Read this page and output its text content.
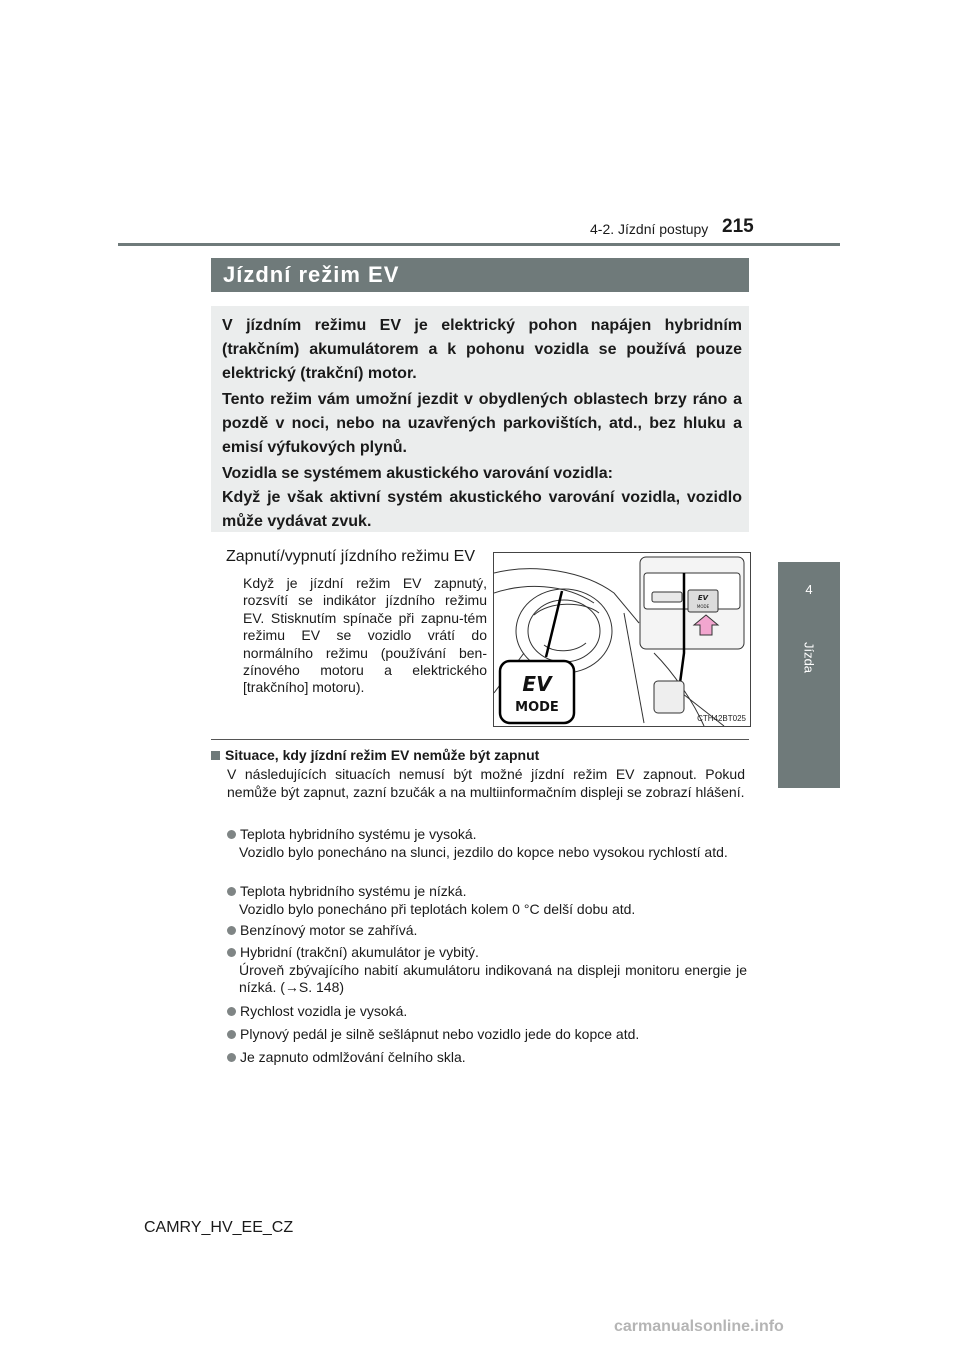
4-2. Jízdní postupy 215
4
Jízda
Jízdní režim EV
V jízdním režimu EV je elektrický pohon napájen hybridním (trakčním) akumulátorem a k pohonu vozidla se používá pouze elektrický (trakční) motor.
Tento režim vám umožní jezdit v obydlených oblastech brzy ráno a pozdě v noci, nebo na uzavřených parkovištích, atd., bez hluku a emisí výfukových plynů.
Vozidla se systémem akustického varování vozidla:
Když je však aktivní systém akustického varování vozidla, vozidlo může vydávat zvuk.
Zapnutí/vypnutí jízdního režimu EV
Když je jízdní režim EV zapnutý, rozsvítí se indikátor jízdního režimu EV. Stisknutím spínače při zapnu-tém režimu EV se vozidlo vrátí do normálního režimu (používání ben-zínového motoru a elektrického [trakčního] motoru).
EV
MODE
EV
MODE
CTH42BT025
Situace, kdy jízdní režim EV nemůže být zapnut
V následujících situacích nemusí být možné jízdní režim EV zapnout. Pokud nemůže být zapnut, zazní bzučák a na multiinformačním displeji se zobrazí hlášení.
Teplota hybridního systému je vysoká.
Vozidlo bylo ponecháno na slunci, jezdilo do kopce nebo vysokou rychlostí atd.
Teplota hybridního systému je nízká.
Vozidlo bylo ponecháno při teplotách kolem 0 °C delší dobu atd.
Benzínový motor se zahřívá.
Hybridní (trakční) akumulátor je vybitý.
Úroveň zbývajícího nabití akumulátoru indikovaná na displeji monitoru energie je nízká. (→S. 148)
Rychlost vozidla je vysoká.
Plynový pedál je silně sešlápnut nebo vozidlo jede do kopce atd.
Je zapnuto odmlžování čelního skla.
CAMRY_HV_EE_CZ
carmanualsonline.info
